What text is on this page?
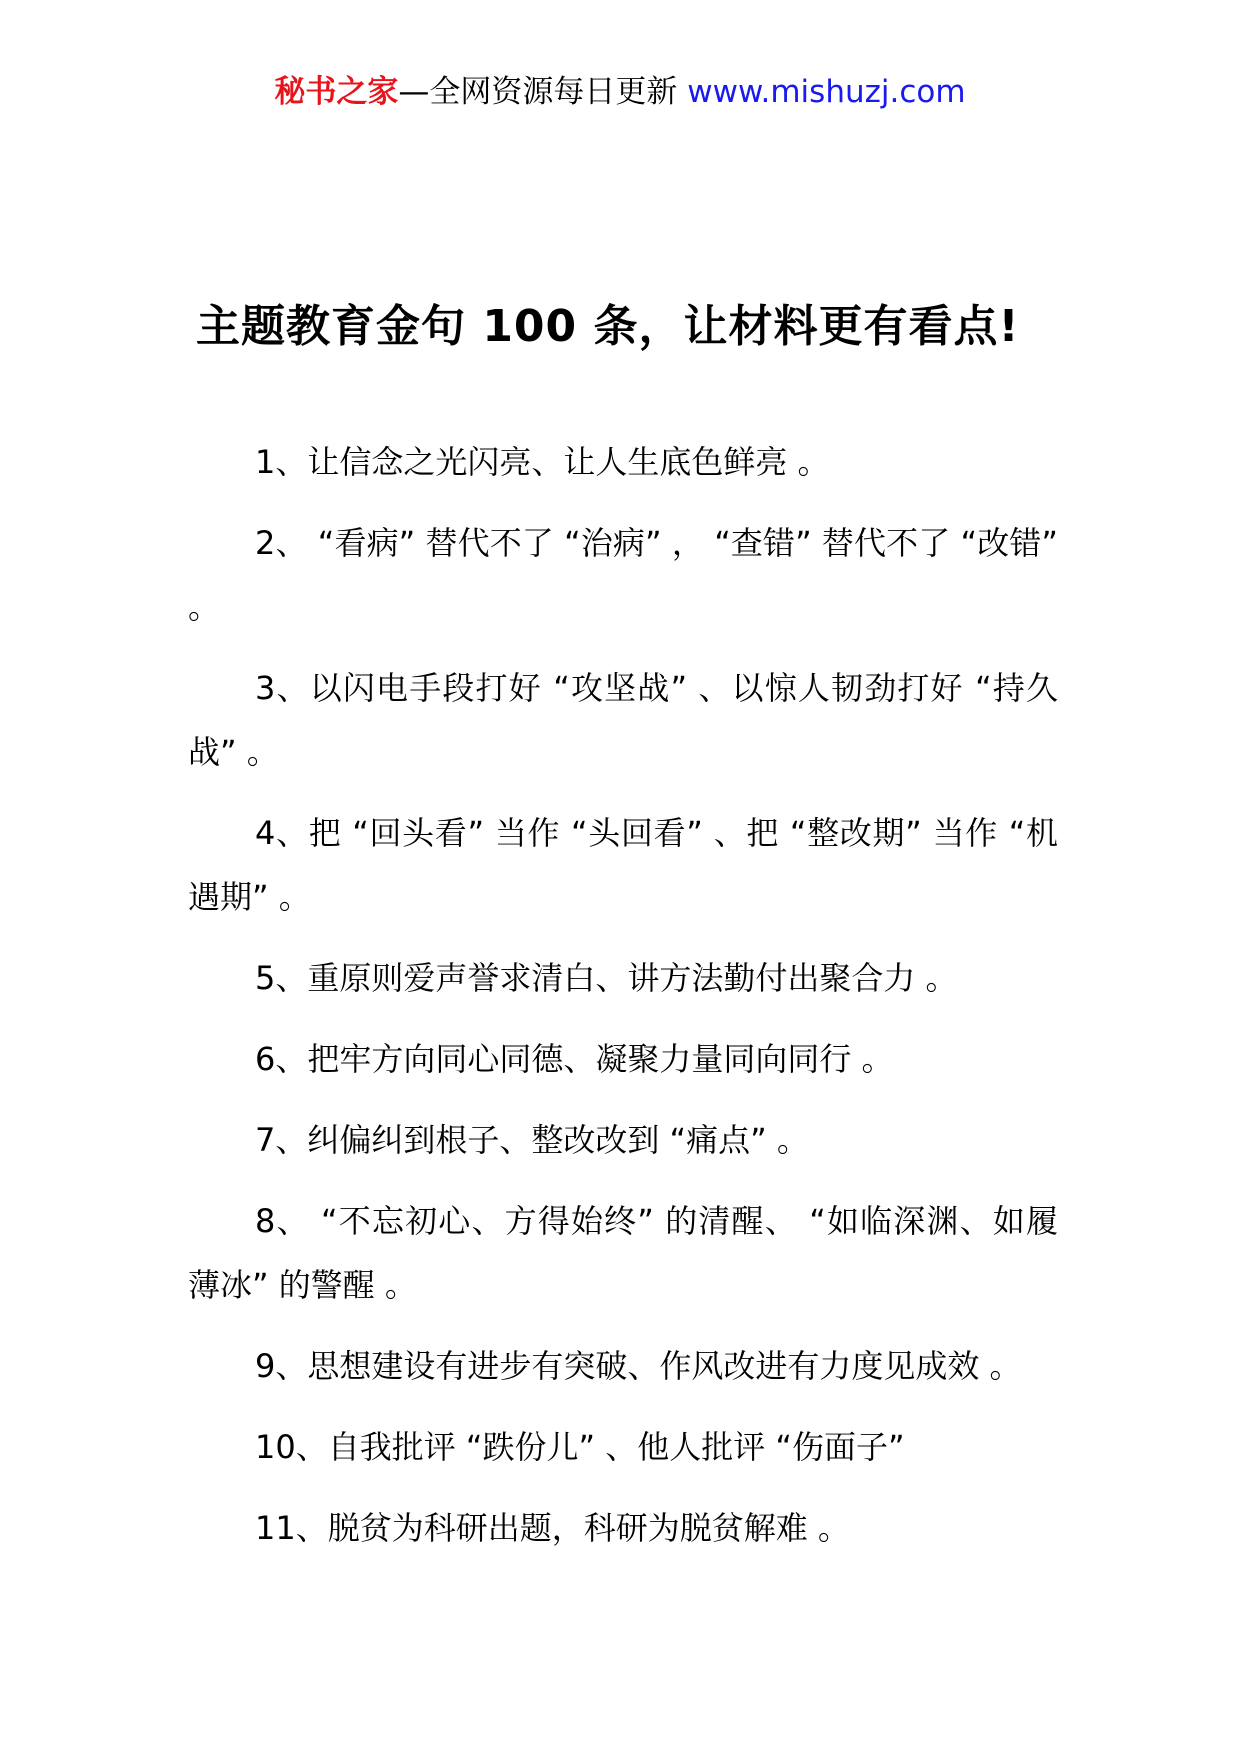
秘书之家—全网资源每日更新 www.mishuzj.com
主题教育金句 100 条，让材料更有看点!

1、让信念之光闪亮、让人生底色鲜亮 。

2、 “看病” 替代不了 “治病” ， “查错” 替代不了 “改错” 。

3、以闪电手段打好 “攻坚战” 、以惊人韧劲打好 “持久战” 。

4、把 “回头看” 当作 “头回看” 、把 “整改期” 当作 “机遇期” 。

5、重原则爱声誉求清白、讲方法勤付出聚合力 。

6、把牢方向同心同德、凝聚力量同向同行 。

7、纠偏纠到根子、整改改到 “痛点” 。

8、 “不忘初心、方得始终” 的清醒、 “如临深渊、如履薄冰” 的警醒 。

9、思想建设有进步有突破、作风改进有力度见成效 。

10、自我批评 “跌份儿” 、他人批评 “伤面子”

11、脱贫为科研出题，科研为脱贫解难 。
